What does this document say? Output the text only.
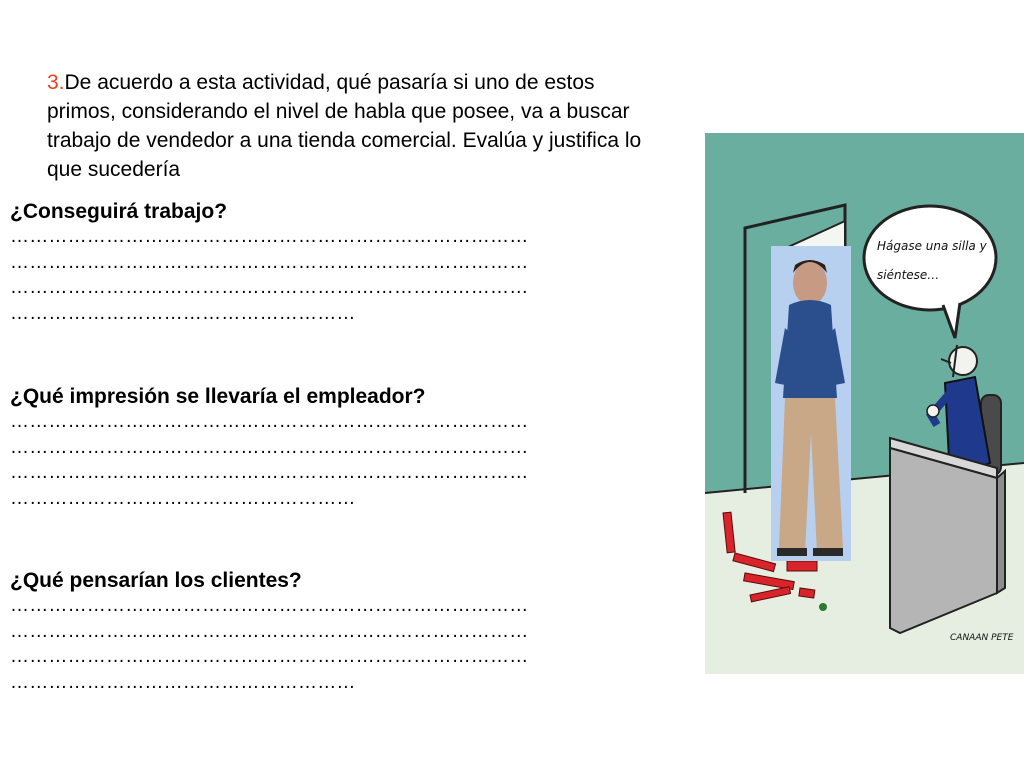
3.De acuerdo a esta actividad, qué pasaría si uno de estos primos, considerando el nivel de habla que posee, va a buscar trabajo de vendedor a una tienda comercial. Evalúa y justifica lo que sucedería

¿Conseguirá trabajo?

………………………………………………………………………
………………………………………………………………………
………………………………………………………………………
………………………………………………

¿Qué impresión se llevaría el empleador?

………………………………………………………………………
………………………………………………………………………
………………………………………………………………………
………………………………………………

¿Qué pensarían los clientes?

………………………………………………………………………
………………………………………………………………………
………………………………………………………………………
………………………………………………
Hágase una silla y
siéntese…
CANAAN PETE
